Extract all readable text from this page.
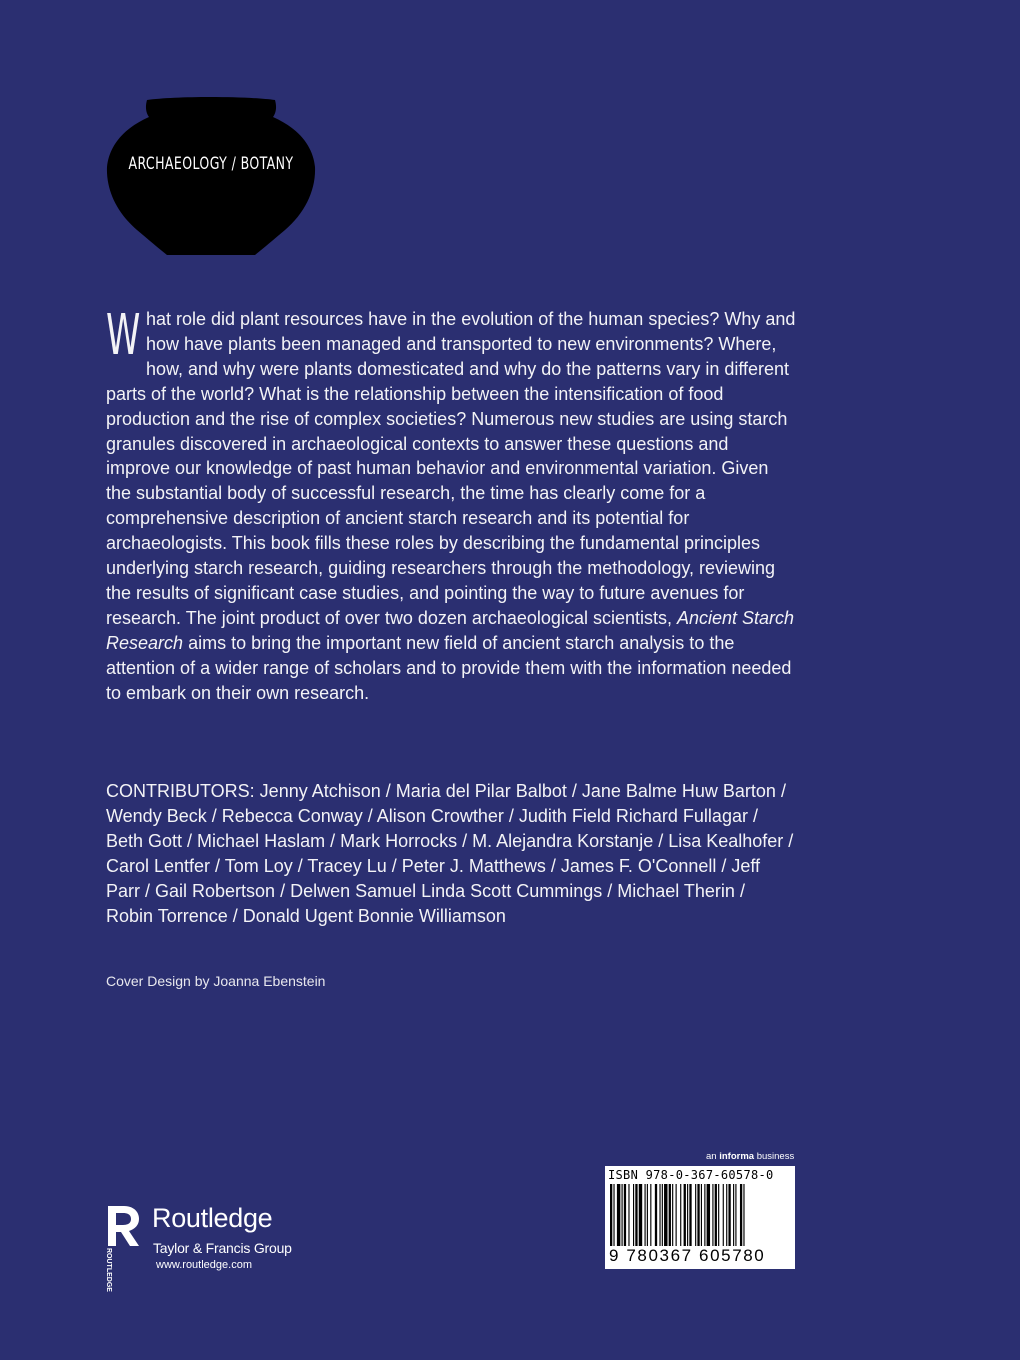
ARCHAEOLOGY / BOTANY
What role did plant resources have in the evolution of the human species? Why and how have plants been managed and transported to new environments? Where, how, and why were plants domesticated and why do the patterns vary in different parts of the world? What is the relationship between the intensification of food production and the rise of complex societies? Numerous new studies are using starch granules discovered in archaeological contexts to answer these questions and improve our knowledge of past human behavior and environmental variation. Given the substantial body of successful research, the time has clearly come for a comprehensive description of ancient starch research and its potential for archaeologists. This book fills these roles by describing the fundamental principles underlying starch research, guiding researchers through the methodology, reviewing the results of significant case studies, and pointing the way to future avenues for research. The joint product of over two dozen archaeological scientists, Ancient Starch Research aims to bring the important new field of ancient starch analysis to the attention of a wider range of scholars and to provide them with the information needed to embark on their own research.
CONTRIBUTORS: Jenny Atchison / Maria del Pilar Balbot / Jane Balme Huw Barton / Wendy Beck / Rebecca Conway / Alison Crowther / Judith Field Richard Fullagar / Beth Gott / Michael Haslam / Mark Horrocks / M. Alejandra Korstanje / Lisa Kealhofer / Carol Lentfer / Tom Loy / Tracey Lu / Peter J. Matthews / James F. O'Connell / Jeff Parr / Gail Robertson / Delwen Samuel Linda Scott Cummings / Michael Therin / Robin Torrence / Donald Ugent Bonnie Williamson
Cover Design by Joanna Ebenstein
ROUTLEDGE
Routledge
Taylor & Francis Group
www.routledge.com
an informa business
ISBN 978-0-367-60578-0
9 780367 605780
